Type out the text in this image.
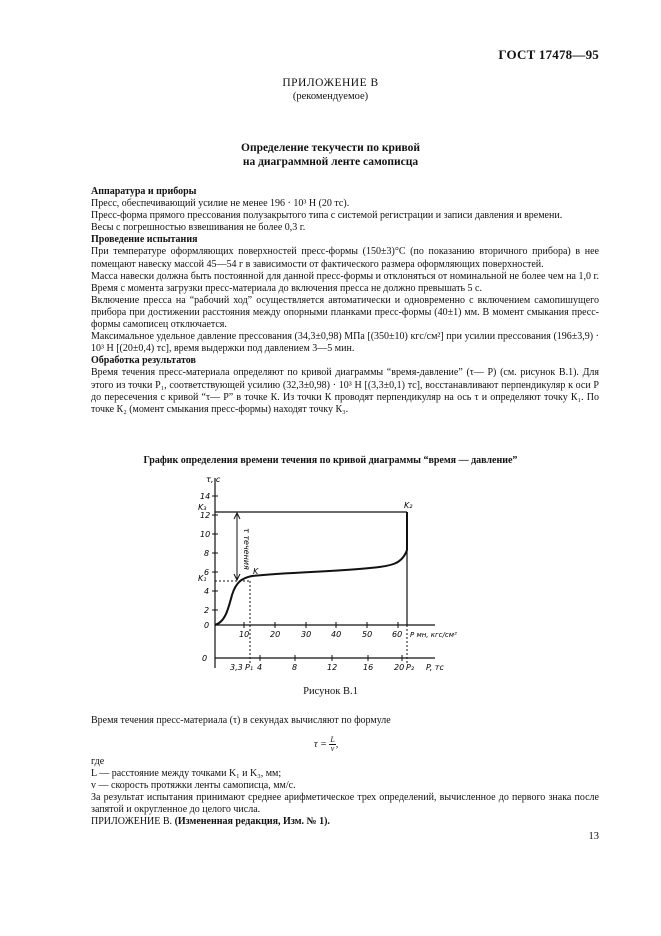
ГОСТ 17478—95
ПРИЛОЖЕНИЕ В
(рекомендуемое)
Определение текучести по кривой
на диаграммной ленте самописца

Аппаратура и приборы

Пресс, обеспечивающий усилие не менее 196 · 10³ Н (20 тс).

Пресс-форма прямого прессования полузакрытого типа с системой регистрации и записи давления и времени.

Весы с погрешностью взвешивания не более 0,3 г.

Проведение испытания

При температуре оформляющих поверхностей пресс-формы (150±3)°С (по показанию вторичного прибора) в нее помещают навеску массой 45—54 г в зависимости от фактического размера оформляющих поверхностей.

Масса навески должна быть постоянной для данной пресс-формы и отклоняться от номинальной не более чем на 1,0 г. Время с момента загрузки пресс-материала до включения пресса не должно превышать 5 с.

Включение пресса на “рабочий ход” осуществляется автоматически и одновременно с включением самопишущего прибора при достижении расстояния между опорными планками пресс-формы (40±1) мм. В момент смыкания пресс-формы самописец отключается.

Максимальное удельное давление прессования (34,3±0,98) МПа [(350±10) кгс/см²] при усилии прессования (196±3,9) · 10³ Н [(20±0,4) тс], время выдержки под давлением 3—5 мин.

Обработка результатов

Время течения пресс-материала определяют по кривой диаграммы “время-давление” (τ— Р) (см. рисунок В.1). Для этого из точки Р₁, соответствующей усилию (32,3±0,98) · 10³ Н [(3,3±0,1) тс], восстанавливают перпендикуляр к оси Р до пересечения с кривой “τ— Р” в точке К. Из точки К проводят перпендикуляр на ось τ и определяют точку К₁. По точке К₂ (момент смыкания пресс-формы) находят точку К₃.

График определения времени течения по кривой диаграммы “время — давление”
τ, с
14
12
10
8
6
4
2
0
K₃
K₁
τ течения
K
K₂
10	20	30 40	50 60 P мн, кгс/см²
0
3,3 P₁ 4	8	12	16	20 P₂ P, тс
Рисунок В.1

Время течения пресс-материала (τ) в секундах вычисляют по формуле

$\tau = \frac{L}{v}$ ,

где

L — расстояние между точками K₁ и K₃, мм;

v — скорость протяжки ленты самописца, мм/с.

За результат испытания принимают среднее арифметическое трех определений, вычисленное до первого знака после запятой и округленное до целого числа.

ПРИЛОЖЕНИЕ В. (Измененная редакция, Изм. № 1).

13
